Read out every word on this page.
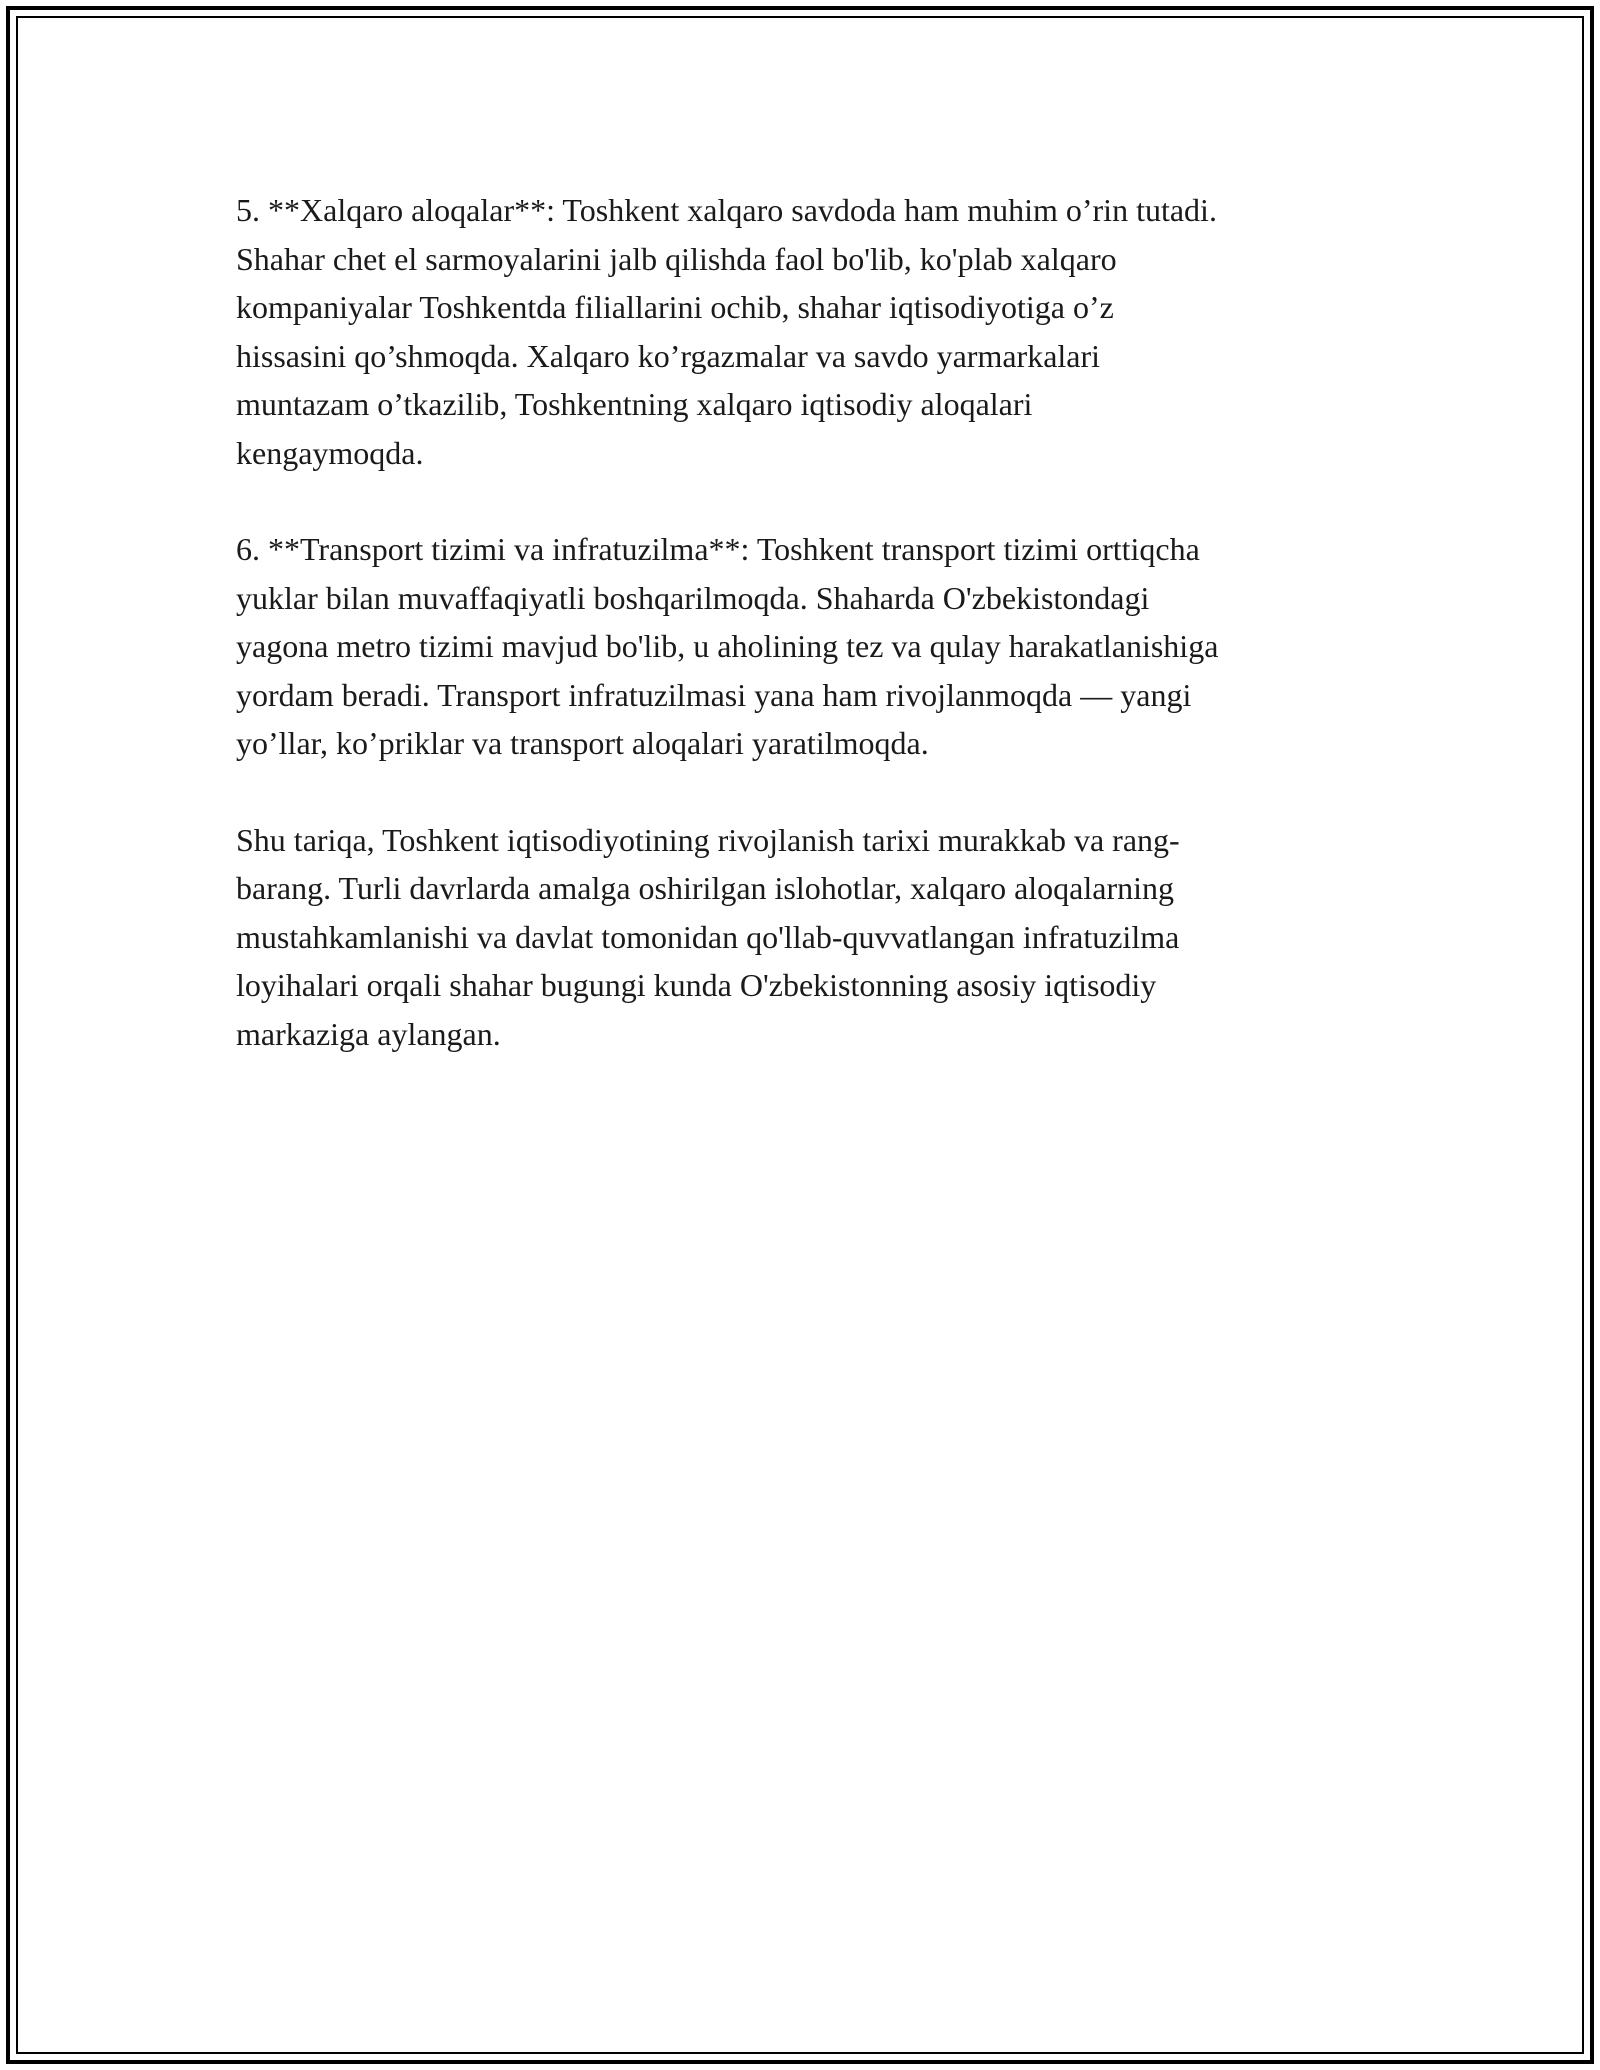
5. **Xalqaro aloqalar**: Toshkent xalqaro savdoda ham muhim o’rin tutadi.
Shahar chet el sarmoyalarini jalb qilishda faol bo'lib, ko'plab xalqaro
kompaniyalar Toshkentda filiallarini ochib, shahar iqtisodiyotiga o’z
hissasini qo’shmoqda. Xalqaro ko’rgazmalar va savdo yarmarkalari
muntazam o’tkazilib, Toshkentning xalqaro iqtisodiy aloqalari
kengaymoqda.

6. **Transport tizimi va infratuzilma**: Toshkent transport tizimi orttiqcha
yuklar bilan muvaffaqiyatli boshqarilmoqda. Shaharda O'zbekistondagi
yagona metro tizimi mavjud bo'lib, u aholining tez va qulay harakatlanishiga
yordam beradi. Transport infratuzilmasi yana ham rivojlanmoqda — yangi
yo’llar, ko’priklar va transport aloqalari yaratilmoqda.

Shu tariqa, Toshkent iqtisodiyotining rivojlanish tarixi murakkab va rang-
barang. Turli davrlarda amalga oshirilgan islohotlar, xalqaro aloqalarning
mustahkamlanishi va davlat tomonidan qo'llab-quvvatlangan infratuzilma
loyihalari orqali shahar bugungi kunda O'zbekistonning asosiy iqtisodiy
markaziga aylangan.
